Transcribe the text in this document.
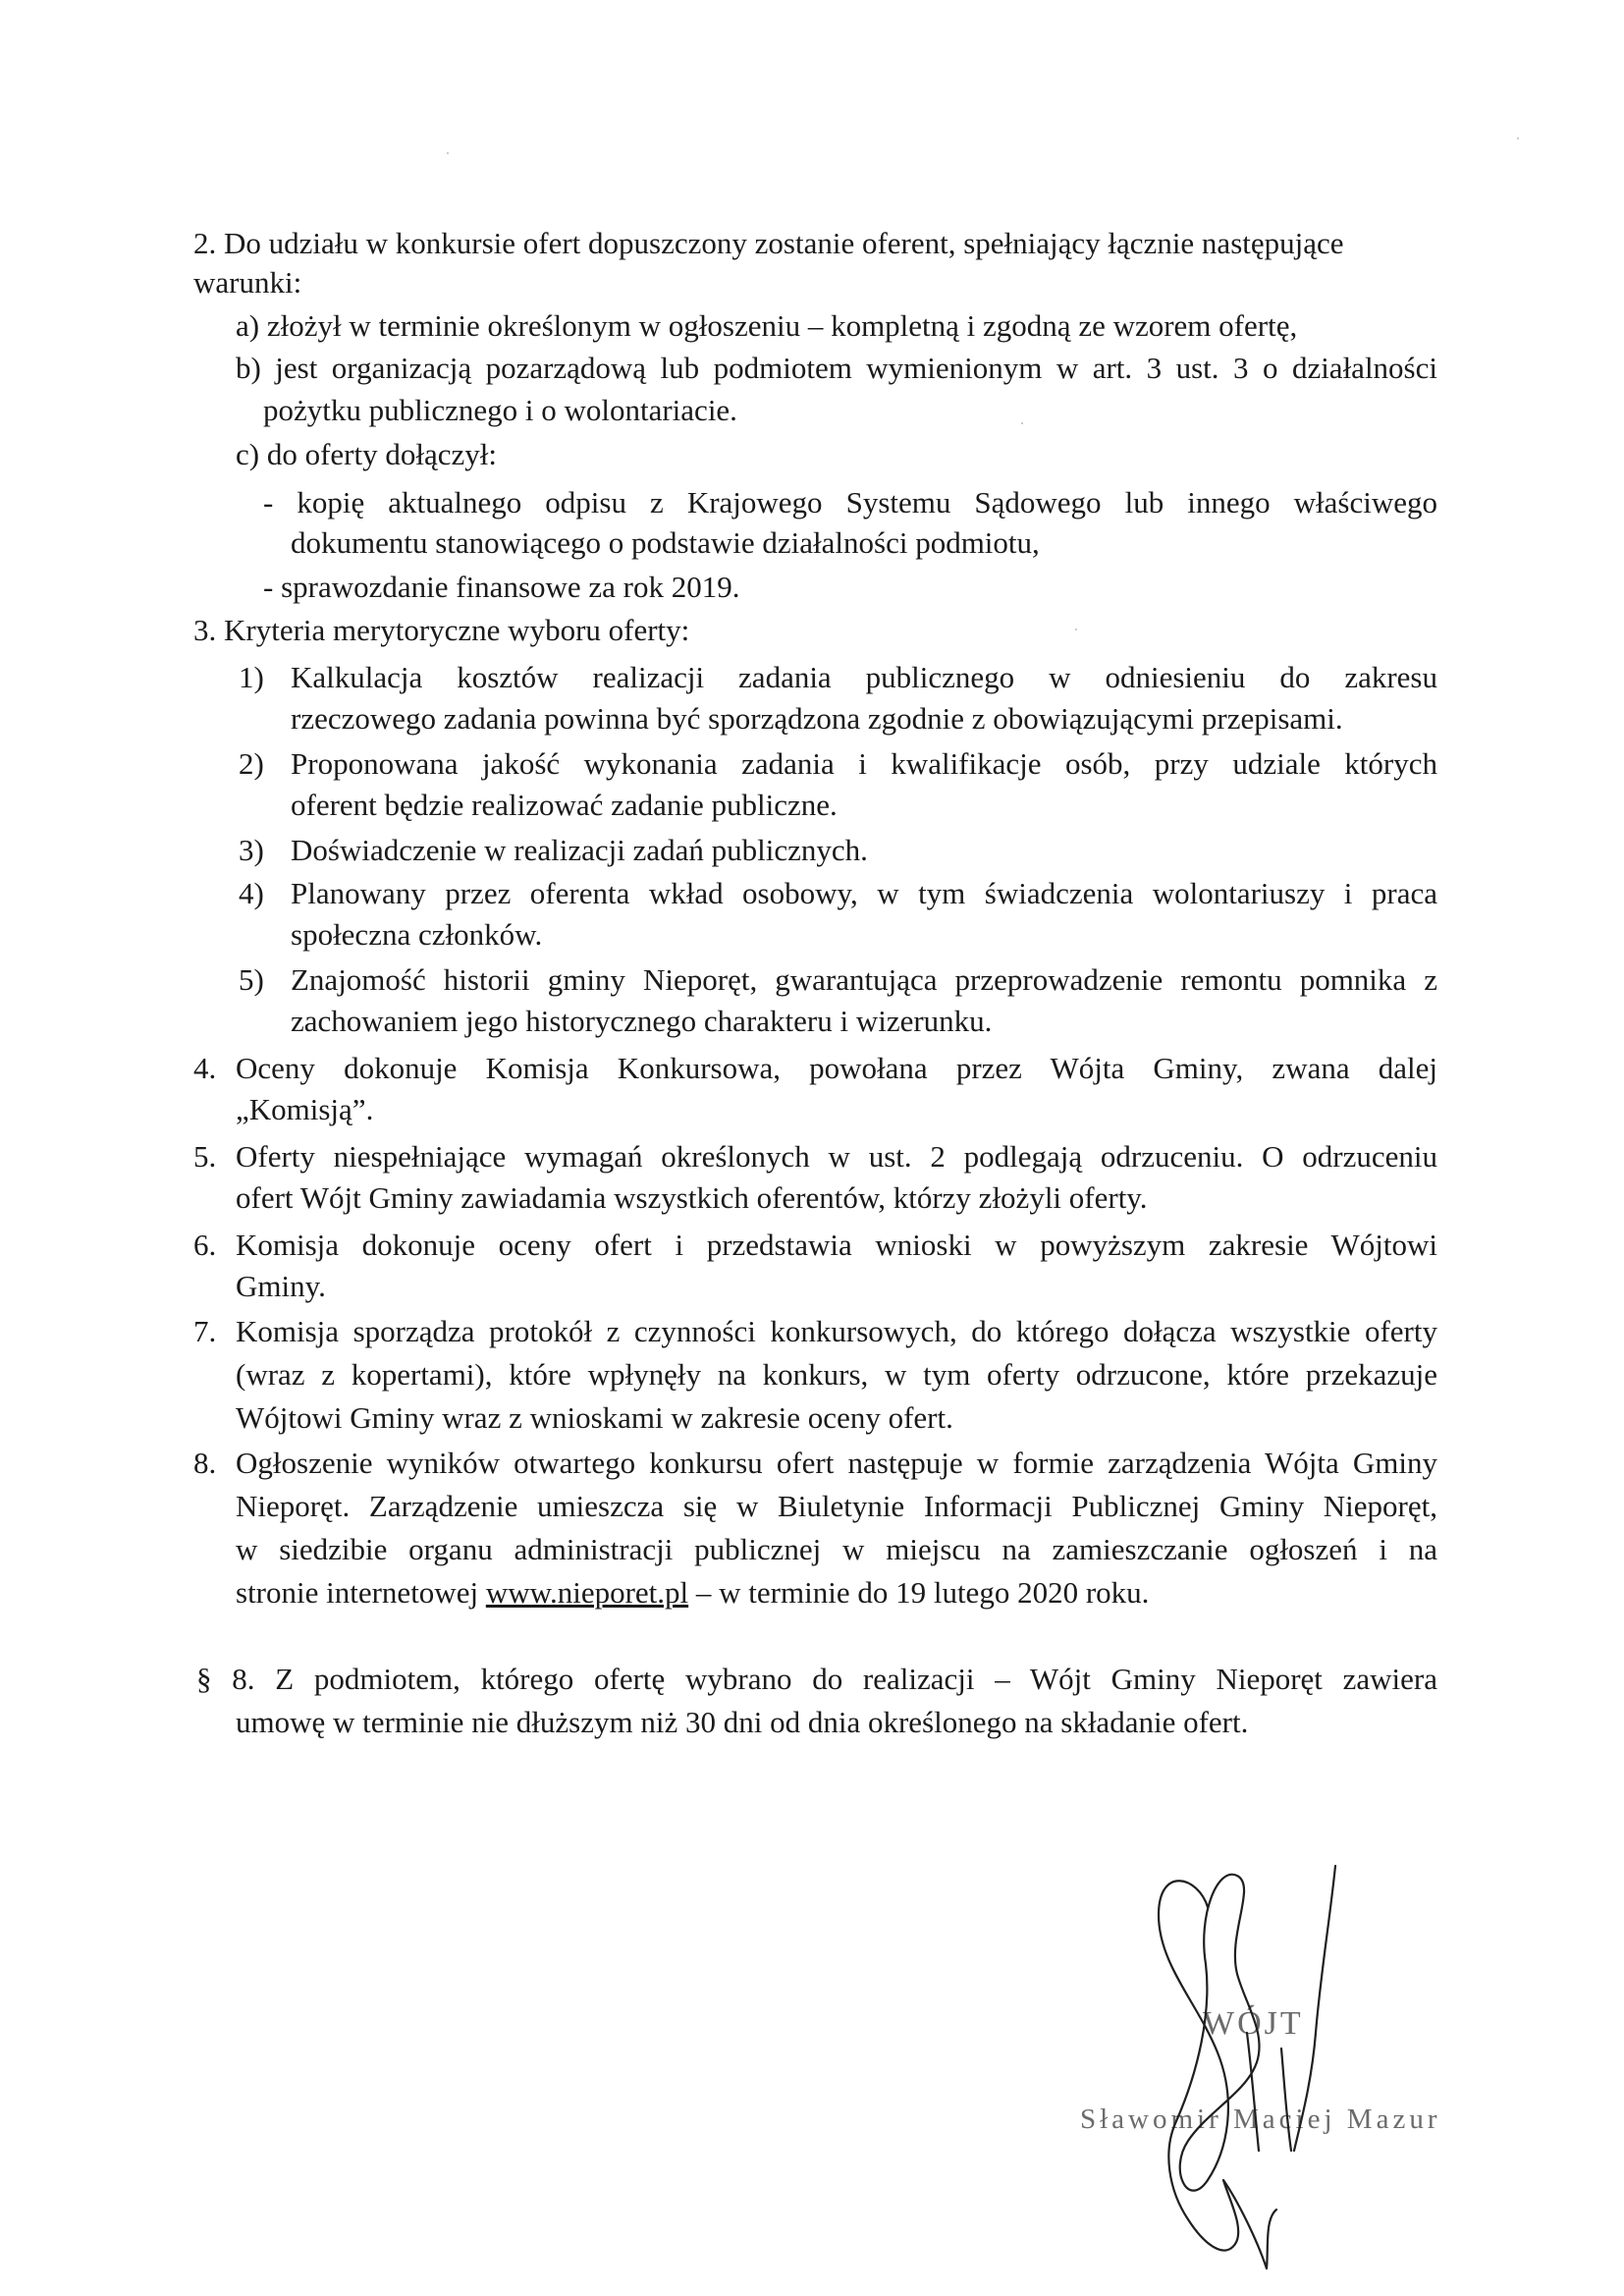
2. Do udziału w konkursie ofert dopuszczony zostanie oferent, spełniający łącznie następujące
warunki:
a) złożył w terminie określonym w ogłoszeniu – kompletną i zgodną ze wzorem ofertę,
b) jest organizacją pozarządową lub podmiotem wymienionym w art. 3 ust. 3 o działalności
pożytku publicznego i o wolontariacie.
c) do oferty dołączył:
- kopię aktualnego odpisu z Krajowego Systemu Sądowego lub innego właściwego
dokumentu stanowiącego o podstawie działalności podmiotu,
- sprawozdanie finansowe za rok 2019.
3. Kryteria merytoryczne wyboru oferty:
1) Kalkulacja kosztów realizacji zadania publicznego w odniesieniu do zakresu
rzeczowego zadania powinna być sporządzona zgodnie z obowiązującymi przepisami.
2) Proponowana jakość wykonania zadania i kwalifikacje osób, przy udziale których
oferent będzie realizować zadanie publiczne.
3) Doświadczenie w realizacji zadań publicznych.
4) Planowany przez oferenta wkład osobowy, w tym świadczenia wolontariuszy i praca
społeczna członków.
5) Znajomość historii gminy Nieporęt, gwarantująca przeprowadzenie remontu pomnika z
zachowaniem jego historycznego charakteru i wizerunku.
4. Oceny dokonuje Komisja Konkursowa, powołana przez Wójta Gminy, zwana dalej
„Komisją”.
5. Oferty niespełniające wymagań określonych w ust. 2 podlegają odrzuceniu. O odrzuceniu
ofert Wójt Gminy zawiadamia wszystkich oferentów, którzy złożyli oferty.
6. Komisja dokonuje oceny ofert i przedstawia wnioski w powyższym zakresie Wójtowi
Gminy.
7. Komisja sporządza protokół z czynności konkursowych, do którego dołącza wszystkie oferty
(wraz z kopertami), które wpłynęły na konkurs, w tym oferty odrzucone, które przekazuje
Wójtowi Gminy wraz z wnioskami w zakresie oceny ofert.
8. Ogłoszenie wyników otwartego konkursu ofert następuje w formie zarządzenia Wójta Gminy
Nieporęt. Zarządzenie umieszcza się w Biuletynie Informacji Publicznej Gminy Nieporęt,
w siedzibie organu administracji publicznej w miejscu na zamieszczanie ogłoszeń i na
stronie internetowej www.nieporet.pl – w terminie do 19 lutego 2020 roku.
§ 8. Z podmiotem, którego ofertę wybrano do realizacji – Wójt Gminy Nieporęt zawiera
umowę w terminie nie dłuższym niż 30 dni od dnia określonego na składanie ofert.
WÓJT
Sławomir Maciej Mazur
